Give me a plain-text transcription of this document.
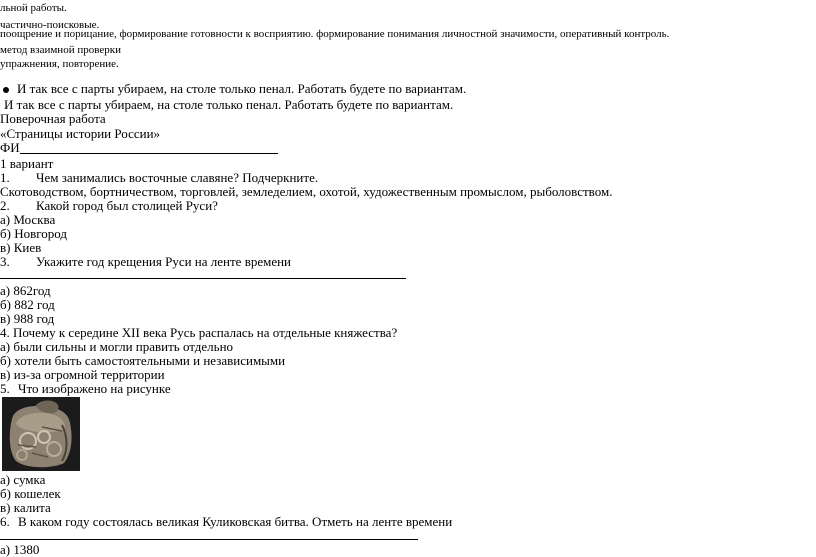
льной работы.
частично-поисковые.
поощрение и порицание, формирование готовности к восприятию. формирование понимания личностной значимости, оперативный контроль.
метод взаимной проверки
упражнения, повторение.
И так все с парты убираем, на столе только пенал. Работать будете по вариантам.
И так все с парты убираем, на столе только пенал. Работать будете по вариантам.
Поверочная работа
«Страницы истории России»
ФИ
1 вариант
1. Чем занимались восточные славяне? Подчеркните.
Скотоводством, бортничеством, торговлей, земледелием, охотой, художественным промыслом, рыболовством.
2. Какой город был столицей Руси?
а) Москва
б) Новгород
в) Киев
3. Укажите год крещения Руси на ленте времени
а) 862год
б) 882 год
в) 988 год
4. Почему к середине XII века Русь распалась на отдельные княжества?
а) были сильны и могли править отдельно
б) хотели быть самостоятельными и независимыми
в) из-за огромной территории
5. Что изображено на рисунке
а) сумка
б) кошелек
в) калита
6. В каком году состоялась великая Куликовская битва. Отметь на ленте времени
а) 1380
